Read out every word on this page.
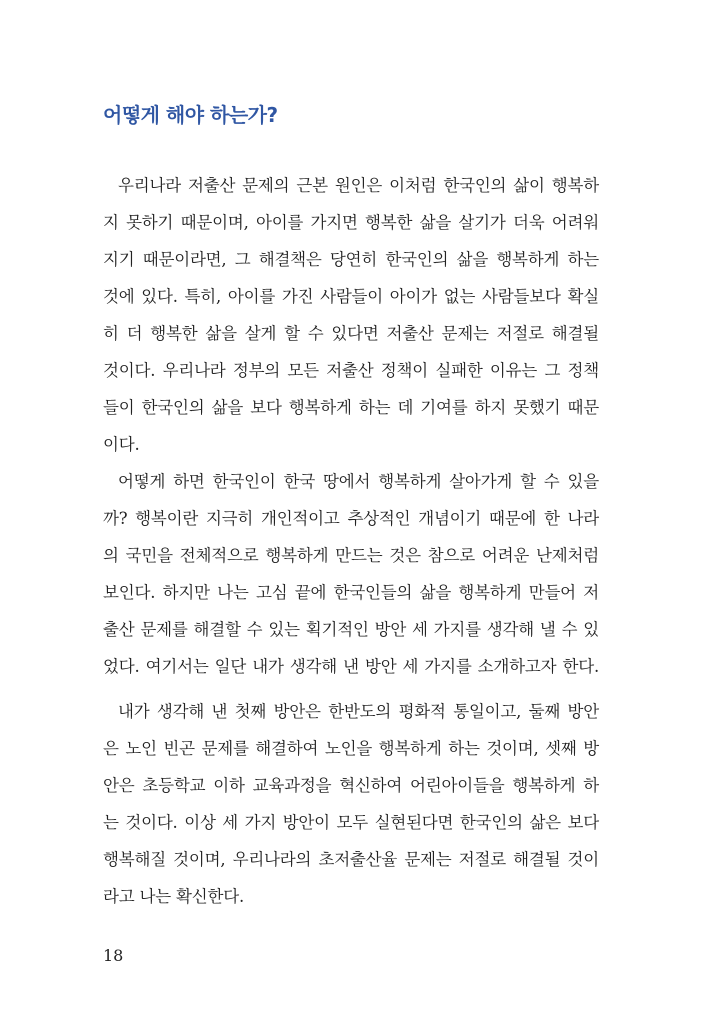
어떻게 해야 하는가?
우리나라 저출산 문제의 근본 원인은 이처럼 한국인의 삶이 행복하
지 못하기 때문이며, 아이를 가지면 행복한 삶을 살기가 더욱 어려워
지기 때문이라면, 그 해결책은 당연히 한국인의 삶을 행복하게 하는
것에 있다. 특히, 아이를 가진 사람들이 아이가 없는 사람들보다 확실
히 더 행복한 삶을 살게 할 수 있다면 저출산 문제는 저절로 해결될
것이다. 우리나라 정부의 모든 저출산 정책이 실패한 이유는 그 정책
들이 한국인의 삶을 보다 행복하게 하는 데 기여를 하지 못했기 때문
이다.
어떻게 하면 한국인이 한국 땅에서 행복하게 살아가게 할 수 있을
까? 행복이란 지극히 개인적이고 추상적인 개념이기 때문에 한 나라
의 국민을 전체적으로 행복하게 만드는 것은 참으로 어려운 난제처럼
보인다. 하지만 나는 고심 끝에 한국인들의 삶을 행복하게 만들어 저
출산 문제를 해결할 수 있는 획기적인 방안 세 가지를 생각해 낼 수 있
었다. 여기서는 일단 내가 생각해 낸 방안 세 가지를 소개하고자 한다.
내가 생각해 낸 첫째 방안은 한반도의 평화적 통일이고, 둘째 방안
은 노인 빈곤 문제를 해결하여 노인을 행복하게 하는 것이며, 셋째 방
안은 초등학교 이하 교육과정을 혁신하여 어린아이들을 행복하게 하
는 것이다. 이상 세 가지 방안이 모두 실현된다면 한국인의 삶은 보다
행복해질 것이며, 우리나라의 초저출산율 문제는 저절로 해결될 것이
라고 나는 확신한다.
18
